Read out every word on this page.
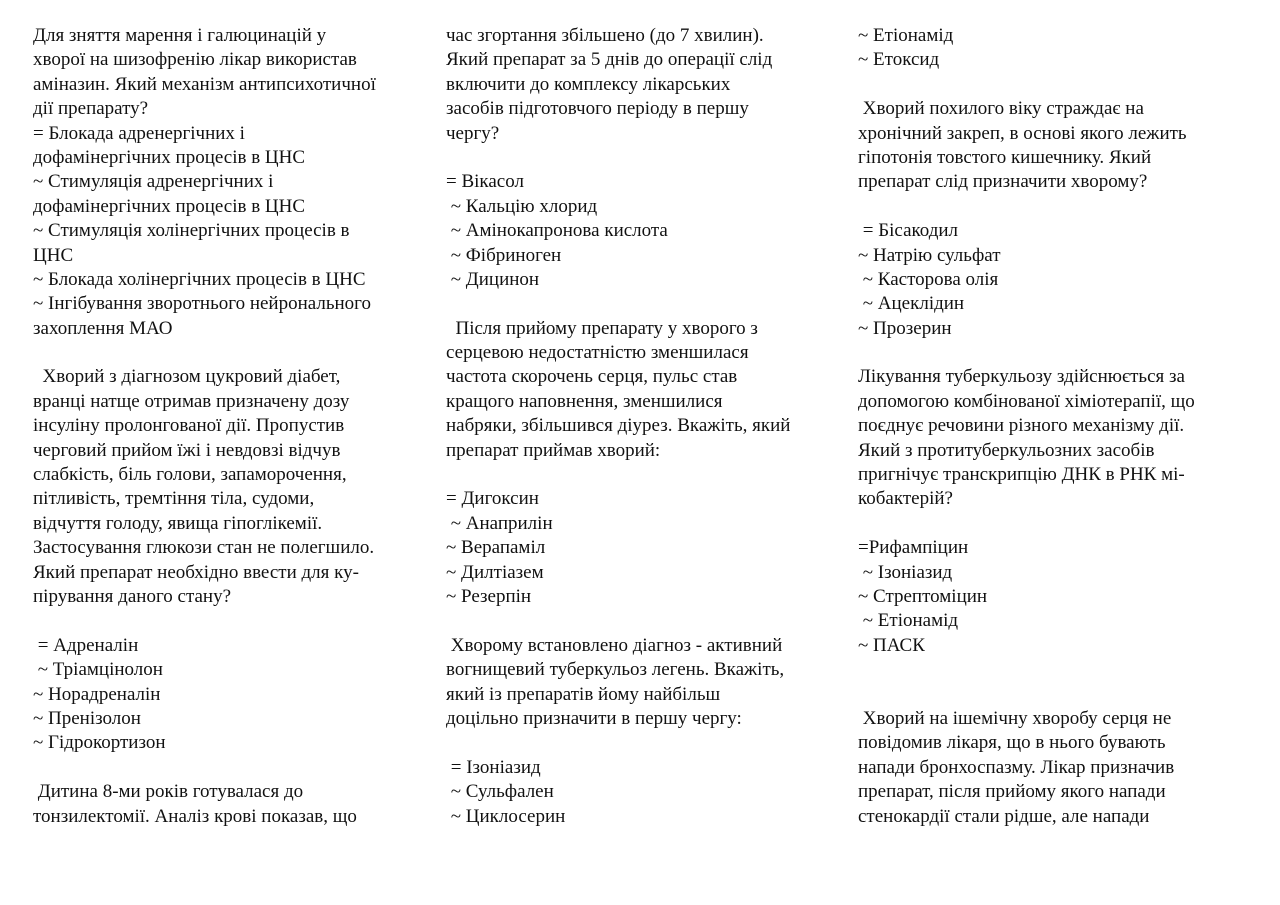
Для зняття марення і галюцинацій у
хворої на шизофренію лікар використав
аміназин. Який механізм антипсихотичної
дії препарату?
= Блокада адренергічних і
дофамінергічних процесів в ЦНС
~ Стимуляція адренергічних і
дофамінергічних процесів в ЦНС
~ Стимуляція холінергічних процесів в
ЦНС
~ Блокада холінергічних процесів в ЦНС
~ Інгібування зворотнього нейронального
захоплення МАО
Хворий з діагнозом цукровий діабет,
вранці натще отримав призначену дозу
інсуліну пролонгованої дії. Пропустив
черговий прийом їжі і невдовзі відчув
слабкість, біль голови, запаморочення,
пітливість, тремтіння тіла, судоми,
відчуття голоду, явища гіпоглікемії.
Застосування глюкози стан не полегшило.
Який препарат необхідно ввести для ку-
пірування даного стану?
= Адреналін
~ Тріамцінолон
~ Норадреналін
~ Пренізолон
~ Гідрокортизон
Дитина 8-ми років готувалася до
тонзилектомії. Аналіз крові показав, що
час згортання збільшено (до 7 хвилин).
Який препарат за 5 днів до операції слід
включити до комплексу лікарських
засобів підготовчого періоду в першу
чергу?
= Вікасол
~ Кальцію хлорид
~ Амінокапронова кислота
~ Фібриноген
~ Дицинон
Після прийому препарату у хворого з
серцевою недостатністю зменшилася
частота скорочень серця, пульс став
кращого наповнення, зменшилися
набряки, збільшився діурез. Вкажіть, який
препарат приймав хворий:
= Дигоксин
~ Анаприлін
~ Верапаміл
~ Дилтіазем
~ Резерпін
Хворому встановлено діагноз - активний
вогнищевий туберкульоз легень. Вкажіть,
який із препаратів йому найбільш
доцільно призначити в першу чергу:
= Ізоніазид
~ Сульфален
~ Циклосерин
~ Етіонамід
~ Етоксид
Хворий похилого віку страждає на
хронічний закреп, в основі якого лежить
гіпотонія товстого кишечнику. Який
препарат слід призначити хворому?
= Бісакодил
~ Натрію сульфат
~ Касторова олія
~ Ацеклідин
~ Прозерин
Лікування туберкульозу здійснюється за
допомогою комбінованої хіміотерапії, що
поєднує речовини різного механізму дії.
Який з протитуберкульозних засобів
пригнічує транскрипцію ДНК в РНК мі-
кобактерій?
=Рифампіцин
~ Ізоніазид
~ Стрептоміцин
~ Етіонамід
~ ПАСК
Хворий на ішемічну хворобу серця не
повідомив лікаря, що в нього бувають
напади бронхоспазму. Лікар призначив
препарат, після прийому якого напади
стенокардії стали рідше, але напади
